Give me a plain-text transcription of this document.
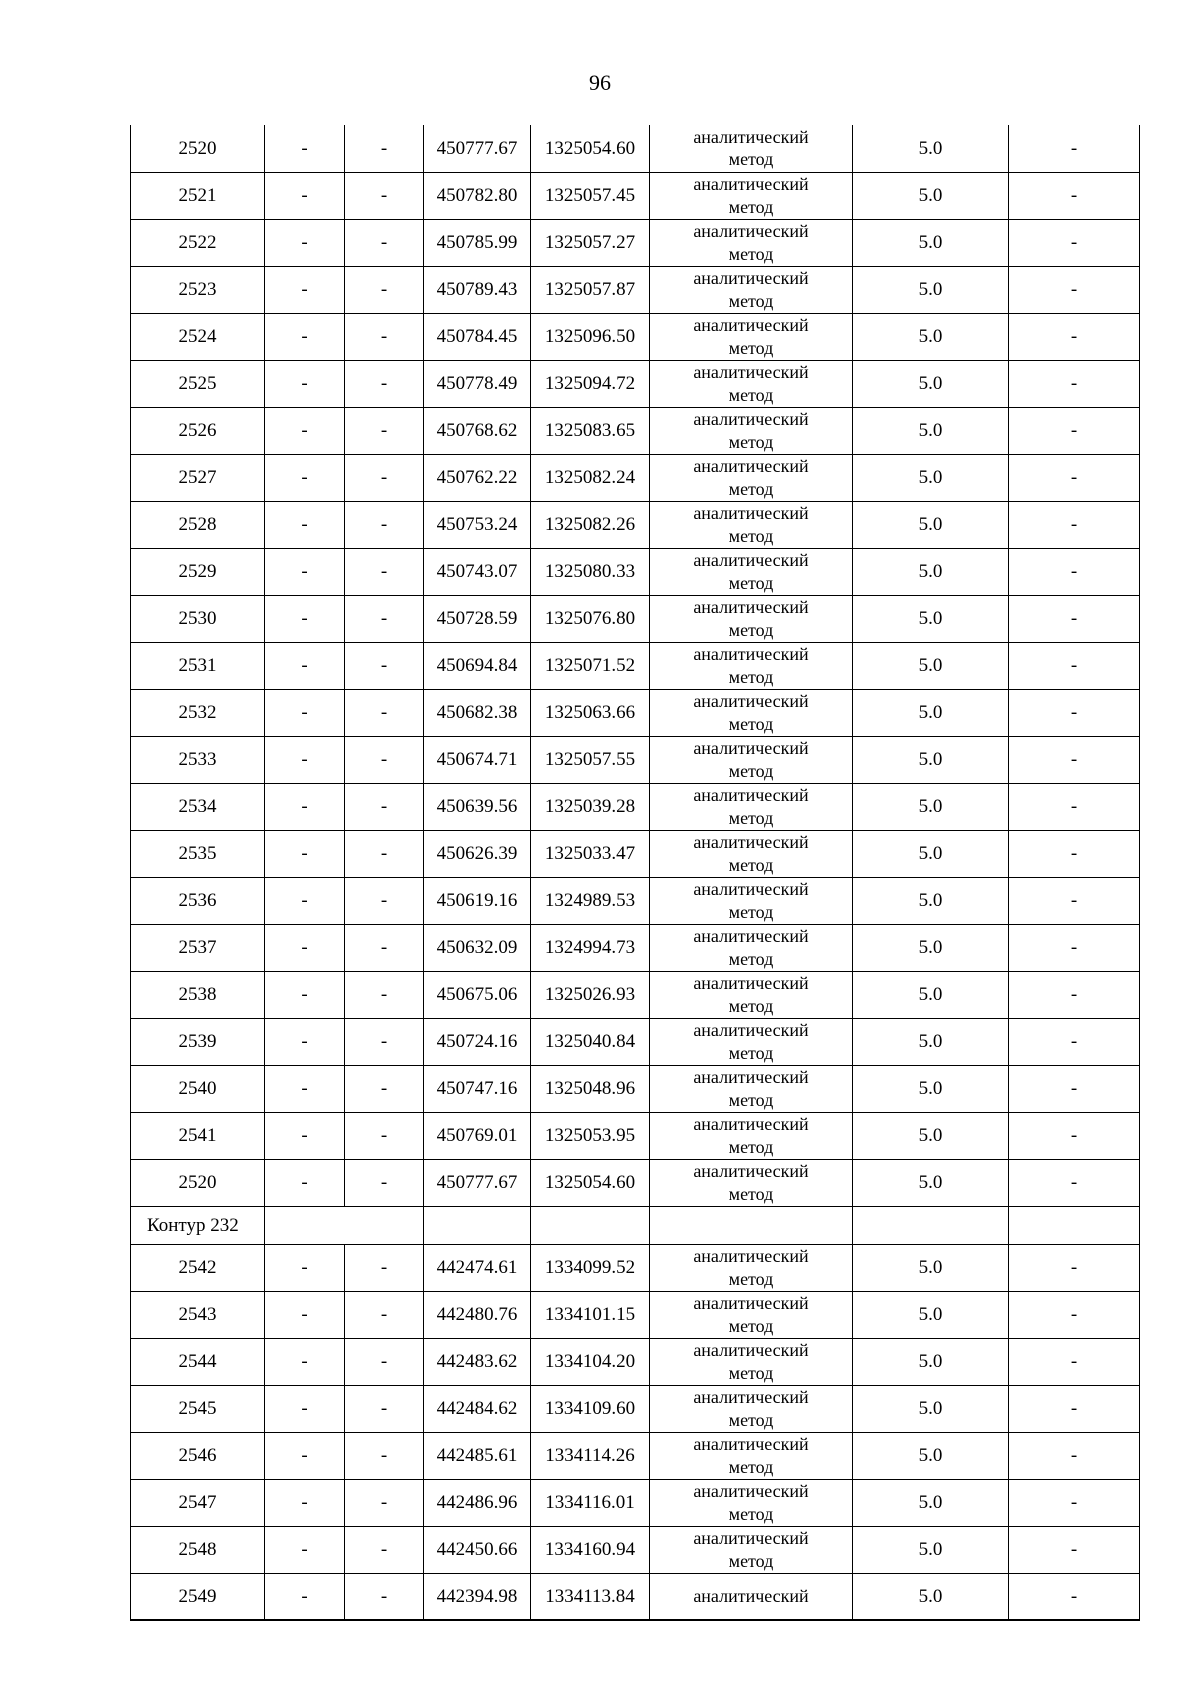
96
2520	-	-	450777.67	1325054.60	аналитический
метод	5.0	-
2521	-	-	450782.80	1325057.45	аналитический
метод	5.0	-
2522	-	-	450785.99	1325057.27	аналитический
метод	5.0	-
2523	-	-	450789.43	1325057.87	аналитический
метод	5.0	-
2524	-	-	450784.45	1325096.50	аналитический
метод	5.0	-
2525	-	-	450778.49	1325094.72	аналитический
метод	5.0	-
2526	-	-	450768.62	1325083.65	аналитический
метод	5.0	-
2527	-	-	450762.22	1325082.24	аналитический
метод	5.0	-
2528	-	-	450753.24	1325082.26	аналитический
метод	5.0	-
2529	-	-	450743.07	1325080.33	аналитический
метод	5.0	-
2530	-	-	450728.59	1325076.80	аналитический
метод	5.0	-
2531	-	-	450694.84	1325071.52	аналитический
метод	5.0	-
2532	-	-	450682.38	1325063.66	аналитический
метод	5.0	-
2533	-	-	450674.71	1325057.55	аналитический
метод	5.0	-
2534	-	-	450639.56	1325039.28	аналитический
метод	5.0	-
2535	-	-	450626.39	1325033.47	аналитический
метод	5.0	-
2536	-	-	450619.16	1324989.53	аналитический
метод	5.0	-
2537	-	-	450632.09	1324994.73	аналитический
метод	5.0	-
2538	-	-	450675.06	1325026.93	аналитический
метод	5.0	-
2539	-	-	450724.16	1325040.84	аналитический
метод	5.0	-
2540	-	-	450747.16	1325048.96	аналитический
метод	5.0	-
2541	-	-	450769.01	1325053.95	аналитический
метод	5.0	-
2520	-	-	450777.67	1325054.60	аналитический
метод	5.0	-
Контур 232							
2542	-	-	442474.61	1334099.52	аналитический
метод	5.0	-
2543	-	-	442480.76	1334101.15	аналитический
метод	5.0	-
2544	-	-	442483.62	1334104.20	аналитический
метод	5.0	-
2545	-	-	442484.62	1334109.60	аналитический
метод	5.0	-
2546	-	-	442485.61	1334114.26	аналитический
метод	5.0	-
2547	-	-	442486.96	1334116.01	аналитический
метод	5.0	-
2548	-	-	442450.66	1334160.94	аналитический
метод	5.0	-
2549	-	-	442394.98	1334113.84	аналитический	5.0	-
